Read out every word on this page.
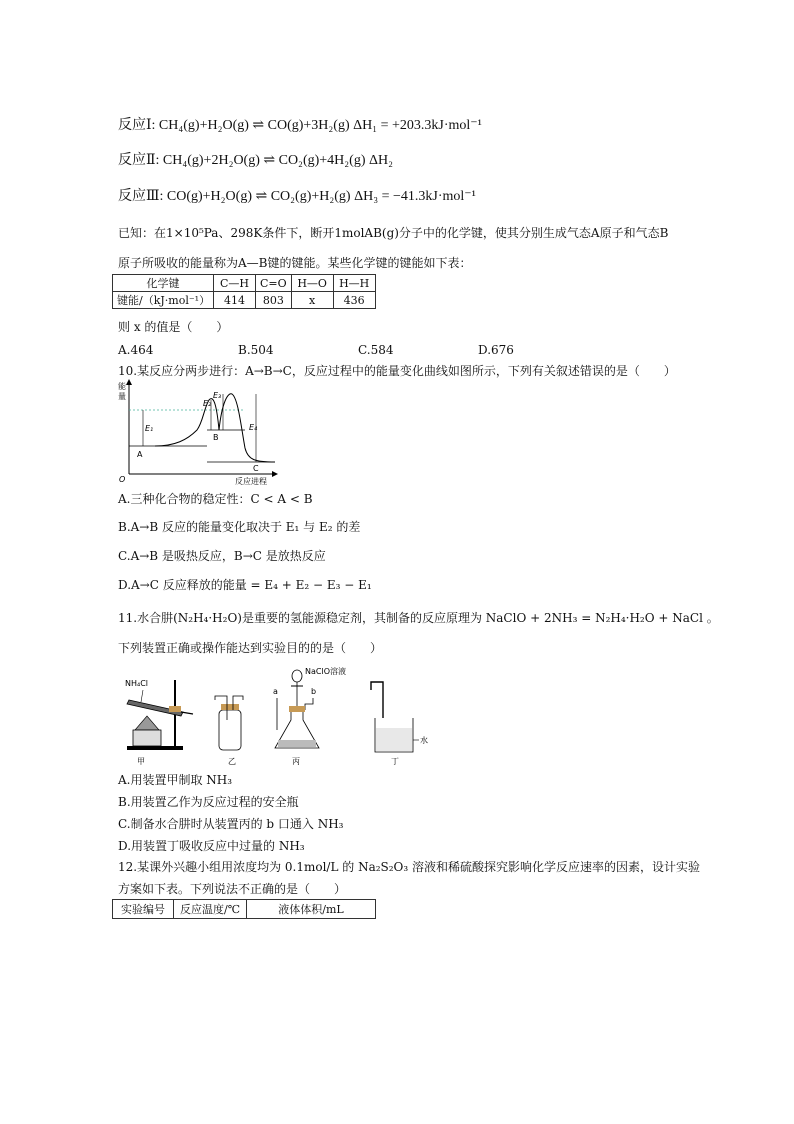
反应Ⅰ: CH₄(g)+H₂O(g) ⇌ CO(g)+3H₂(g) ΔH₁ = +203.3kJ·mol⁻¹
反应Ⅱ: CH₄(g)+2H₂O(g) ⇌ CO₂(g)+4H₂(g) ΔH₂
反应Ⅲ: CO(g)+H₂O(g) ⇌ CO₂(g)+H₂(g) ΔH₃ = −41.3kJ·mol⁻¹
已知：在1×10⁵Pa、298K条件下，断开1molAB(g)分子中的化学键，使其分别生成气态A原子和气态B
原子所吸收的能量称为A—B键的键能。某些化学键的键能如下表：
化学键	C—H	C=O	H—O	H—H
键能/（kJ·mol⁻¹）	414	803	x	436
则 x 的值是（　　）
A.464	B.504	C.584	D.676
10.某反应分两步进行：A→B→C，反应过程中的能量变化曲线如图所示，下列有关叙述错误的是（　　）
能
量
O	反应进程
E₁
E₂
E₃
E₄
A
B
C
A.三种化合物的稳定性：C < A < B
B.A→B 反应的能量变化取决于 E₁ 与 E₂ 的差
C.A→B 是吸热反应，B→C 是放热反应
D.A→C 反应释放的能量 = E₄ + E₂ − E₃ − E₁
11.水合肼(N₂H₄·H₂O)是重要的氢能源稳定剂，其制备的反应原理为 NaClO + 2NH₃ = N₂H₄·H₂O + NaCl 。
下列装置正确或操作能达到实验目的的是（　　）
NH₄Cl
甲	乙
NaClO溶液
a	b
丙
水
丁
A.用装置甲制取 NH₃
B.用装置乙作为反应过程的安全瓶
C.制备水合肼时从装置丙的 b 口通入 NH₃
D.用装置丁吸收反应中过量的 NH₃
12.某课外兴趣小组用浓度均为 0.1mol/L 的 Na₂S₂O₃ 溶液和稀硫酸探究影响化学反应速率的因素，设计实验
方案如下表。下列说法不正确的是（　　）
实验编号	反应温度/℃	液体体积/mL
